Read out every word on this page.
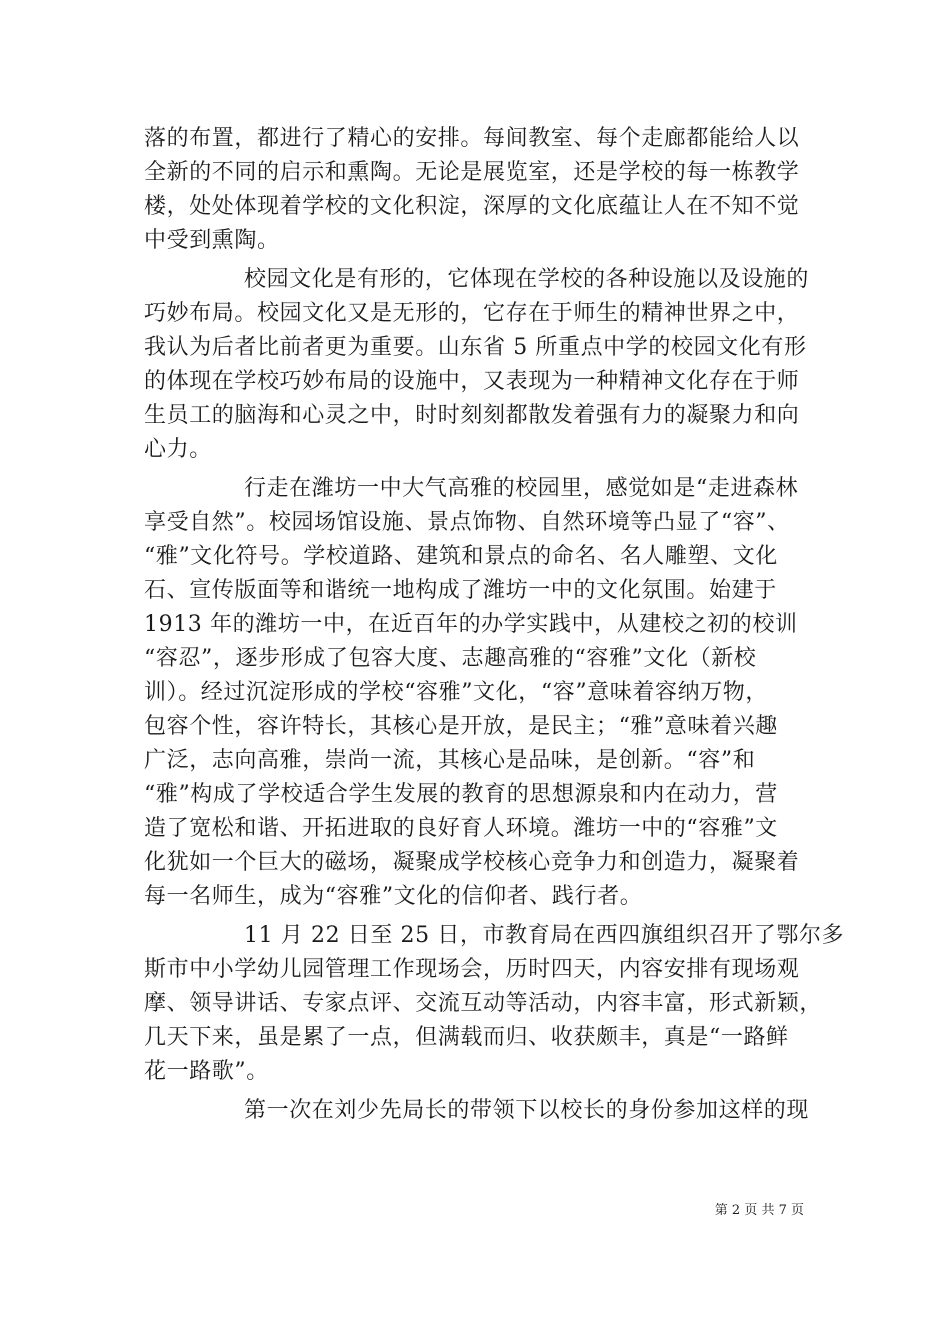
落的布置，都进行了精心的安排。每间教室、每个走廊都能给人以
全新的不同的启示和熏陶。无论是展览室，还是学校的每一栋教学
楼，处处体现着学校的文化积淀，深厚的文化底蕴让人在不知不觉
中受到熏陶。
校园文化是有形的，它体现在学校的各种设施以及设施的
巧妙布局。校园文化又是无形的，它存在于师生的精神世界之中，
我认为后者比前者更为重要。山东省 5 所重点中学的校园文化有形
的体现在学校巧妙布局的设施中，又表现为一种精神文化存在于师
生员工的脑海和心灵之中，时时刻刻都散发着强有力的凝聚力和向
心力。
行走在潍坊一中大气高雅的校园里，感觉如是“走进森林
享受自然”。校园场馆设施、景点饰物、自然环境等凸显了“容”、
“雅”文化符号。学校道路、建筑和景点的命名、名人雕塑、文化
石、宣传版面等和谐统一地构成了潍坊一中的文化氛围。始建于
1913 年的潍坊一中，在近百年的办学实践中，从建校之初的校训
“容忍”，逐步形成了包容大度、志趣高雅的“容雅”文化（新校
训）。经过沉淀形成的学校“容雅”文化，“容”意味着容纳万物，
包容个性，容许特长，其核心是开放，是民主；“雅”意味着兴趣
广泛，志向高雅，崇尚一流，其核心是品味，是创新。“容”和
“雅”构成了学校适合学生发展的教育的思想源泉和内在动力，营
造了宽松和谐、开拓进取的良好育人环境。潍坊一中的“容雅”文
化犹如一个巨大的磁场，凝聚成学校核心竞争力和创造力，凝聚着
每一名师生，成为“容雅”文化的信仰者、践行者。
11 月 22 日至 25 日，市教育局在西四旗组织召开了鄂尔多
斯市中小学幼儿园管理工作现场会，历时四天，内容安排有现场观
摩、领导讲话、专家点评、交流互动等活动，内容丰富，形式新颖，
几天下来，虽是累了一点，但满载而归、收获颇丰，真是“一路鲜
花一路歌”。
第一次在刘少先局长的带领下以校长的身份参加这样的现
第 2 页 共 7 页
